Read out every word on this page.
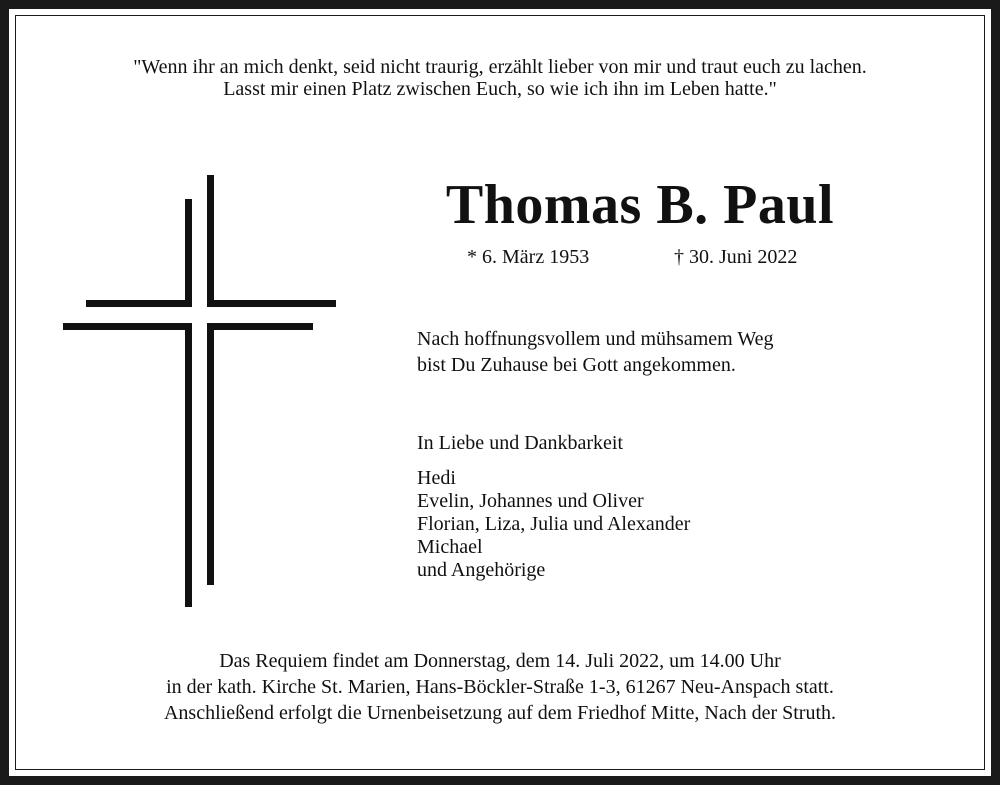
"Wenn ihr an mich denkt, seid nicht traurig, erzählt lieber von mir und traut euch zu lachen.
Lasst mir einen Platz zwischen Euch, so wie ich ihn im Leben hatte."
Thomas B. Paul
* 6. März 1953	† 30. Juni 2022
Nach hoffnungsvollem und mühsamem Weg
bist Du Zuhause bei Gott angekommen.
In Liebe und Dankbarkeit
Hedi
Evelin, Johannes und Oliver
Florian, Liza, Julia und Alexander
Michael
und Angehörige
Das Requiem findet am Donnerstag, dem 14. Juli 2022, um 14.00 Uhr
in der kath. Kirche St. Marien, Hans-Böckler-Straße 1-3, 61267 Neu-Anspach statt.
Anschließend erfolgt die Urnenbeisetzung auf dem Friedhof Mitte, Nach der Struth.
